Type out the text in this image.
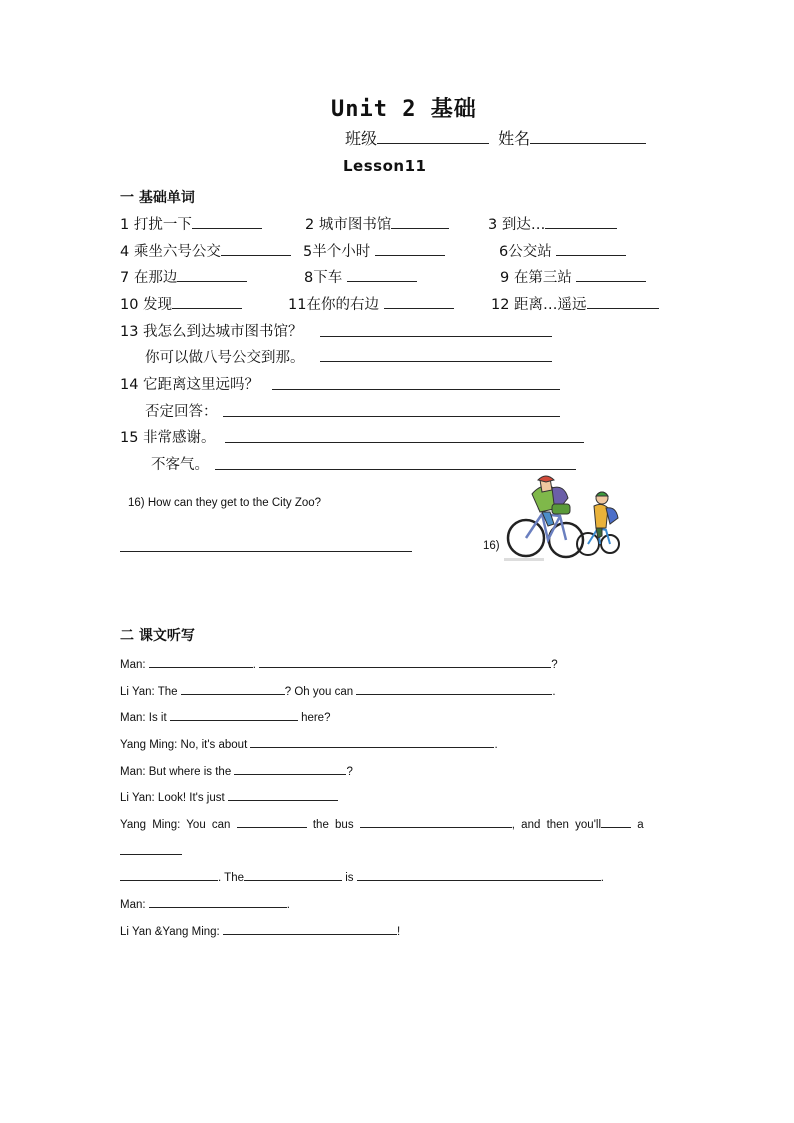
Unit 2 基础
班级	姓名
Lesson11
一 基础单词
1 打扰一下	2 城市图书馆	3 到达…
4 乘坐六号公交	5半个小时	6公交站
7 在那边	8下车	9 在第三站
10 发现	11在你的右边	12 距离…遥远
13 我怎么到达城市图书馆？
你可以做八号公交到那。
14 它距离这里远吗？
否定回答：
15 非常感谢。
不客气。
16) How can they get to the City Zoo?
16)
二 课文听写
Man:	.	?
Li Yan: The	? Oh you can	.
Man: Is it	here?
Yang Ming: No, it's about	.
Man: But where is the	?
Li Yan: Look! It's just
Yang Ming: You can	the bus	, and then you'll	a
. The	is	.
Man:	.
Li Yan &Yang Ming:	!
